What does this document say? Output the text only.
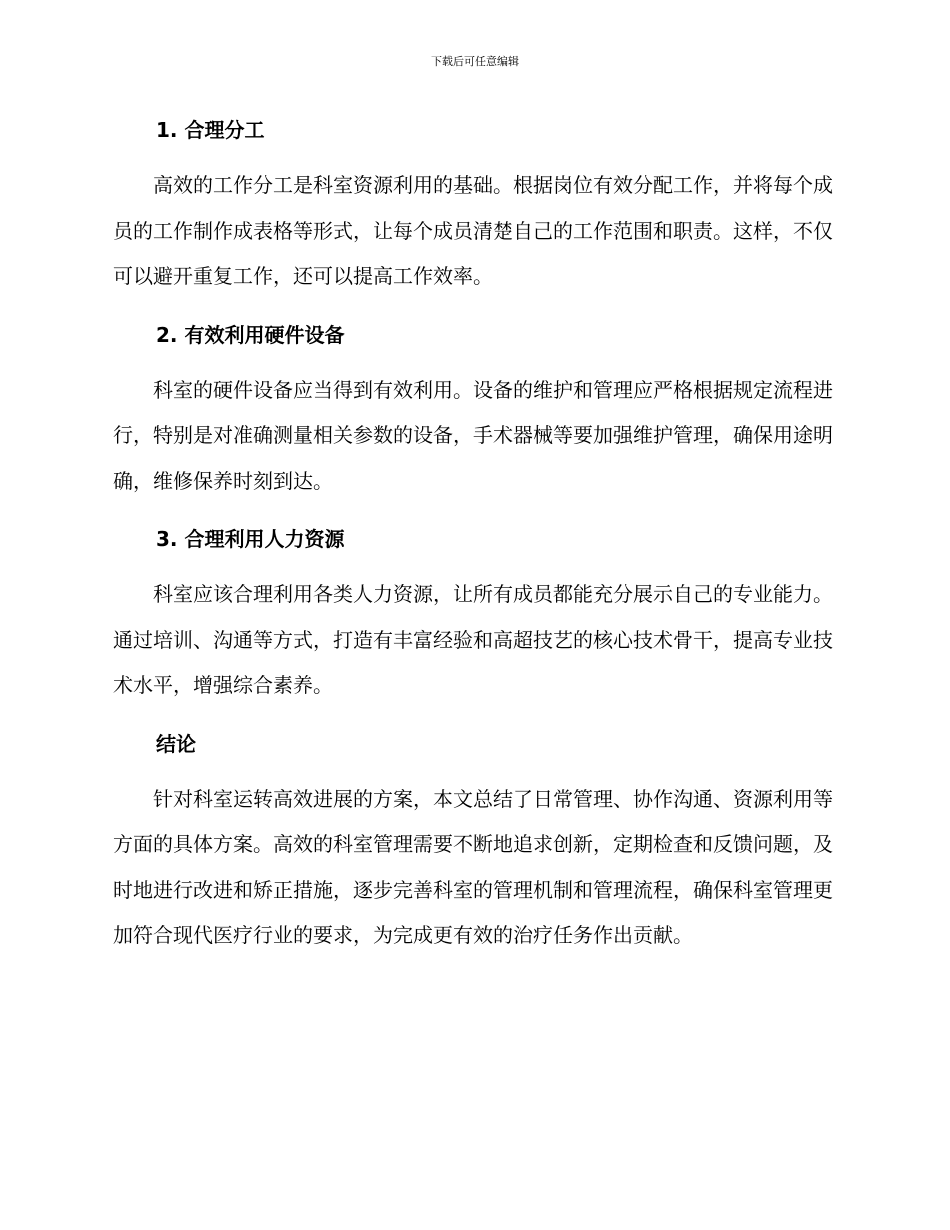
下载后可任意编辑
1. 合理分工

高效的工作分工是科室资源利用的基础。根据岗位有效分配工作，并将每个成员的工作制作成表格等形式，让每个成员清楚自己的工作范围和职责。这样，不仅可以避开重复工作，还可以提高工作效率。

2. 有效利用硬件设备

科室的硬件设备应当得到有效利用。设备的维护和管理应严格根据规定流程进行，特别是对准确测量相关参数的设备，手术器械等要加强维护管理，确保用途明确，维修保养时刻到达。

3. 合理利用人力资源

科室应该合理利用各类人力资源，让所有成员都能充分展示自己的专业能力。通过培训、沟通等方式，打造有丰富经验和高超技艺的核心技术骨干，提高专业技术水平，增强综合素养。

结论

针对科室运转高效进展的方案，本文总结了日常管理、协作沟通、资源利用等方面的具体方案。高效的科室管理需要不断地追求创新，定期检查和反馈问题，及时地进行改进和矫正措施，逐步完善科室的管理机制和管理流程，确保科室管理更加符合现代医疗行业的要求，为完成更有效的治疗任务作出贡献。
